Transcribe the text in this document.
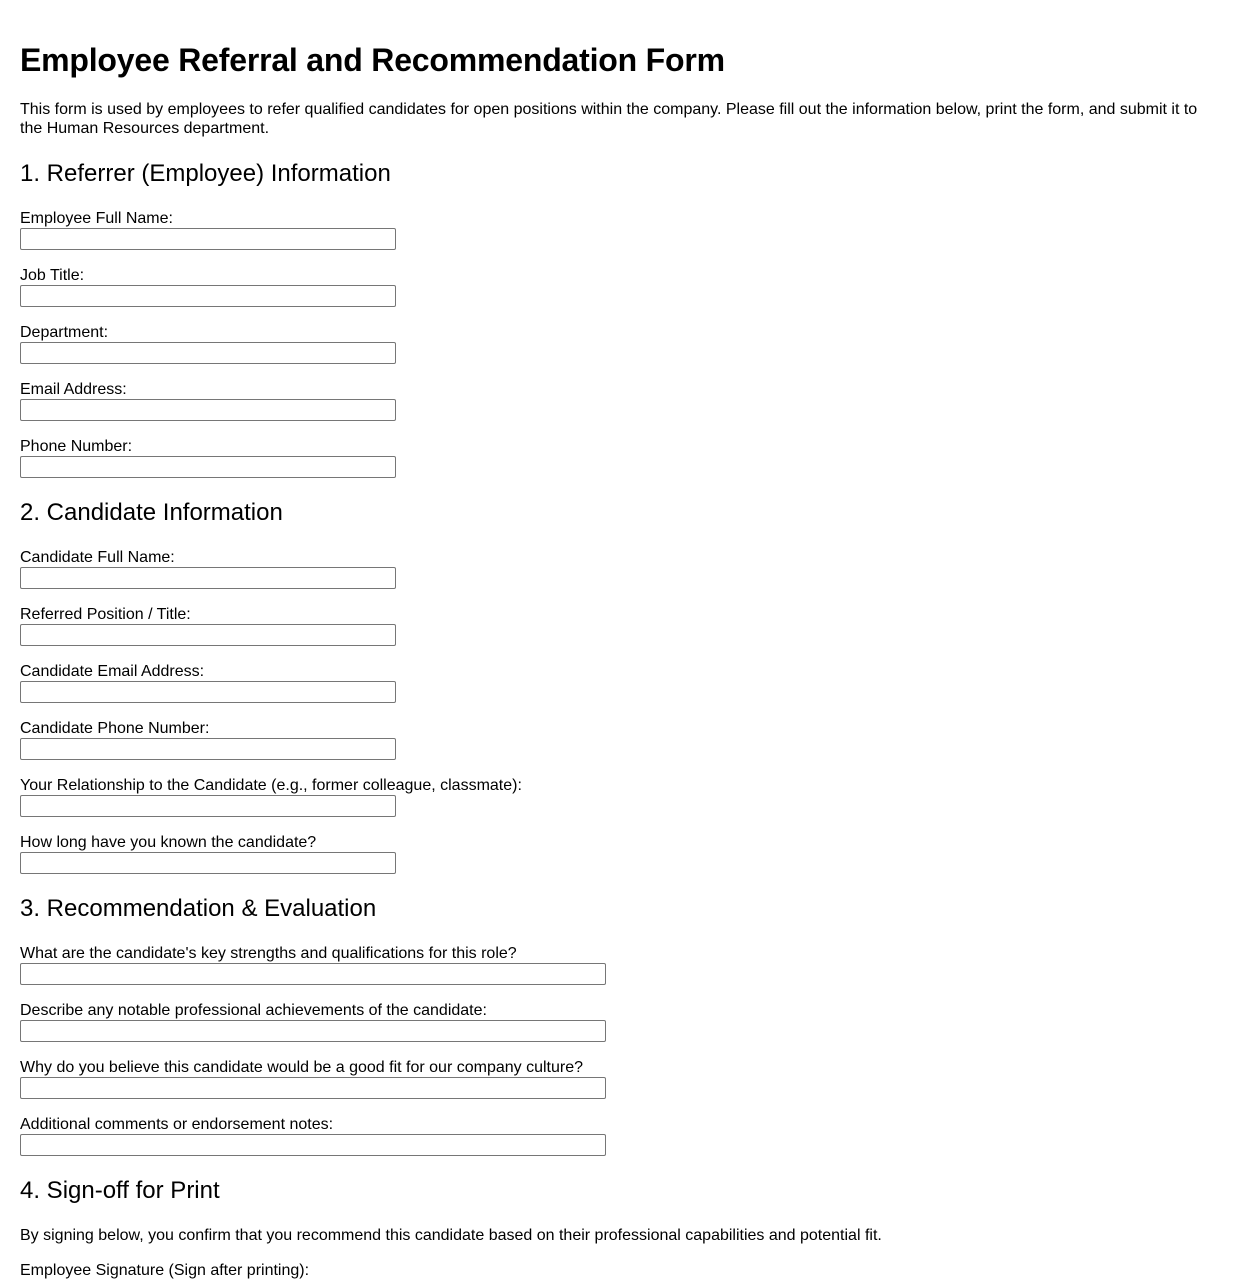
Employee Referral and Recommendation Form

This form is used by employees to refer qualified candidates for open positions within the company. Please fill out the information below, print the form, and submit it to the Human Resources department.

1. Referrer (Employee) Information
Employee Full Name:
Job Title:
Department:
Email Address:
Phone Number:
2. Candidate Information
Candidate Full Name:
Referred Position / Title:
Candidate Email Address:
Candidate Phone Number:
Your Relationship to the Candidate (e.g., former colleague, classmate):
How long have you known the candidate?
3. Recommendation & Evaluation
What are the candidate's key strengths and qualifications for this role?
Describe any notable professional achievements of the candidate:
Why do you believe this candidate would be a good fit for our company culture?
Additional comments or endorsement notes:
4. Sign-off for Print

By signing below, you confirm that you recommend this candidate based on their professional capabilities and potential fit.

Employee Signature (Sign after printing):
